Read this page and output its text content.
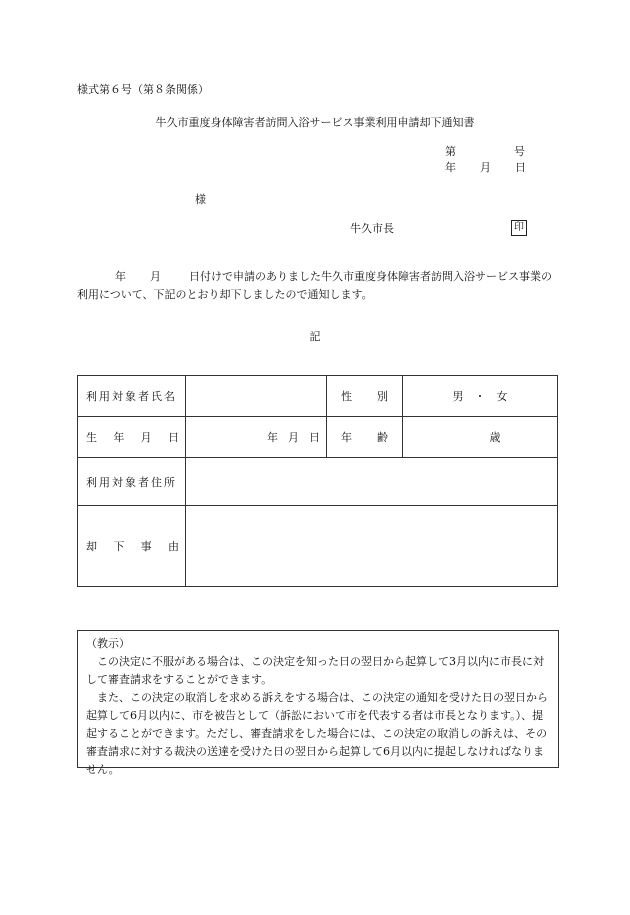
様式第６号（第８条関係）
牛久市重度身体障害者訪問入浴サービス事業利用申請却下通知書
第	号
年 月 日
様
牛久市長	印
年 月	日付けで申請のありました牛久市重度身体障害者訪問入浴サービス事業の利用について、下記のとおり却下しましたので通知します。
記
利用対象者氏名		性 別	男　・　女

生 年 月 日	年 月 日	年 齢	歳
利用対象者住所			

却 下 事 由			

（教示）

この決定に不服がある場合は、この決定を知った日の翌日から起算して3月以内に市長に対して審査請求をすることができます。

また、この決定の取消しを求める訴えをする場合は、この決定の通知を受けた日の翌日から起算して6月以内に、市を被告として（訴訟において市を代表する者は市長となります。）、提起することができます。ただし、審査請求をした場合には、この決定の取消しの訴えは、その審査請求に対する裁決の送達を受けた日の翌日から起算して6月以内に提起しなければなりません。
